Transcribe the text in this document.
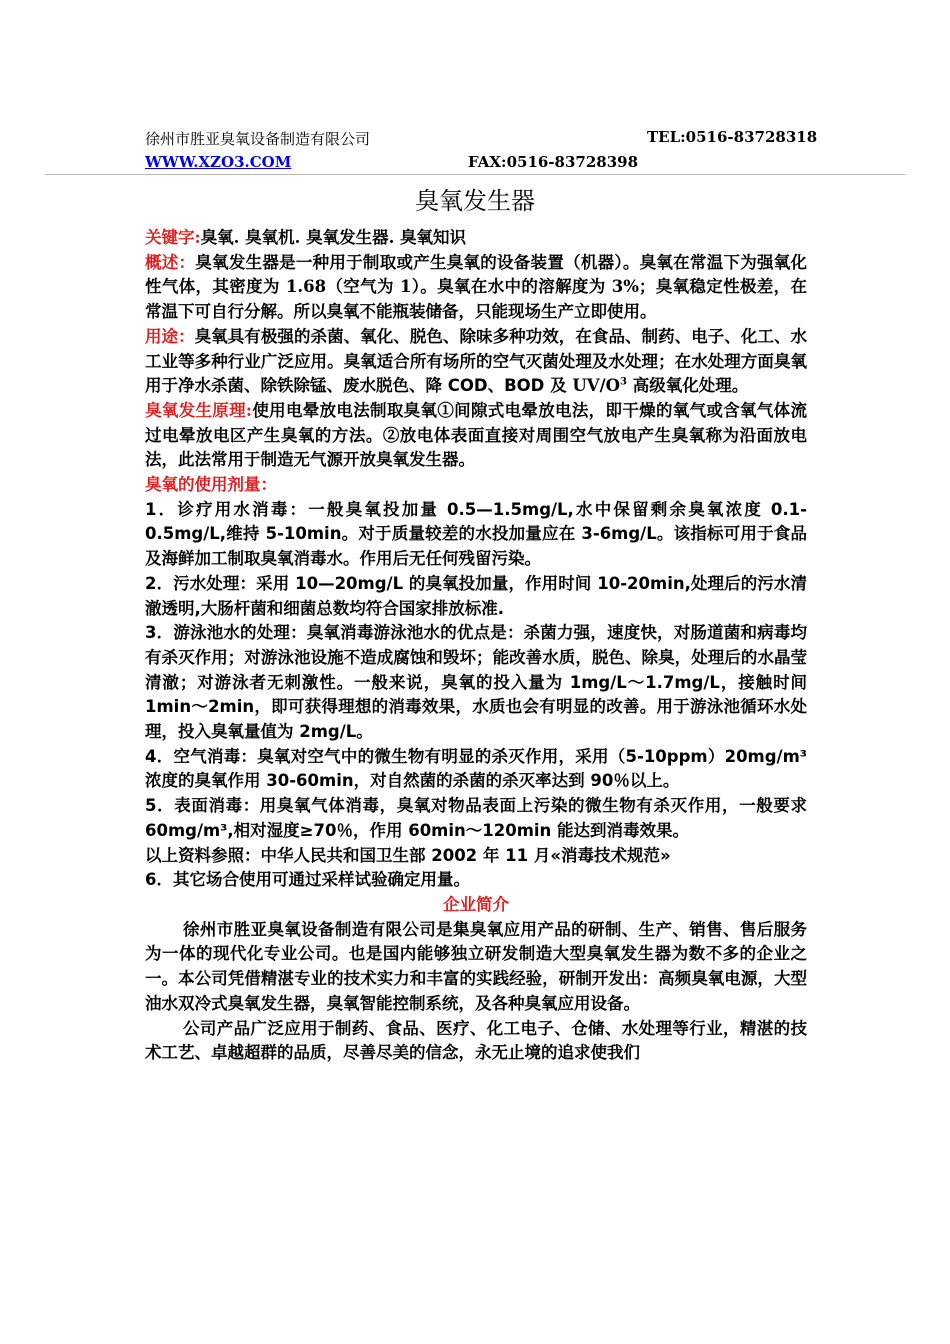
徐州市胜亚臭氧设备制造有限公司	TEL:0516-83728318
WWW.XZO3.COM	FAX:0516-83728398
臭氧发生器

关键字:臭氧. 臭氧机. 臭氧发生器. 臭氧知识

概述：臭氧发生器是一种用于制取或产生臭氧的设备装置（机器）。臭氧在常温下为强氧化性气体，其密度为 1.68（空气为 1）。臭氧在水中的溶解度为 3%；臭氧稳定性极差，在常温下可自行分解。所以臭氧不能瓶装储备，只能现场生产立即使用。

用途：臭氧具有极强的杀菌、氧化、脱色、除味多种功效，在食品、制药、电子、化工、水工业等多种行业广泛应用。臭氧适合所有场所的空气灭菌处理及水处理；在水处理方面臭氧用于净水杀菌、除铁除锰、废水脱色、降 COD、BOD 及 $UV/O^3$ 高级氧化处理。

臭氧发生原理:使用电晕放电法制取臭氧①间隙式电晕放电法，即干燥的氧气或含氧气体流过电晕放电区产生臭氧的方法。②放电体表面直接对周围空气放电产生臭氧称为沿面放电法，此法常用于制造无气源开放臭氧发生器。

臭氧的使用剂量：

1．诊疗用水消毒：一般臭氧投加量 0.5—1.5mg/L,水中保留剩余臭氧浓度 0.1-0.5mg/L,维持 5-10min。对于质量较差的水投加量应在 3-6mg/L。该指标可用于食品及海鲜加工制取臭氧消毒水。作用后无任何残留污染。

2．污水处理：采用 10—20mg/L 的臭氧投加量，作用时间 10-20min,处理后的污水清澈透明,大肠杆菌和细菌总数均符合国家排放标准.

3．游泳池水的处理：臭氧消毒游泳池水的优点是：杀菌力强，速度快，对肠道菌和病毒均有杀灭作用；对游泳池设施不造成腐蚀和毁坏；能改善水质，脱色、除臭，处理后的水晶莹清澈；对游泳者无刺激性。一般来说，臭氧的投入量为 1mg/L～1.7mg/L，接触时间 1min～2min，即可获得理想的消毒效果，水质也会有明显的改善。用于游泳池循环水处理，投入臭氧量值为 2mg/L。

4．空气消毒：臭氧对空气中的微生物有明显的杀灭作用，采用（5-10ppm）20mg/m³浓度的臭氧作用 30-60min，对自然菌的杀菌的杀灭率达到 90％以上。

5．表面消毒：用臭氧气体消毒，臭氧对物品表面上污染的微生物有杀灭作用，一般要求 60mg/m³,相对湿度≥70％，作用 60min～120min 能达到消毒效果。

以上资料参照：中华人民共和国卫生部 2002 年 11 月«消毒技术规范»

6．其它场合使用可通过采样试验确定用量。

企业简介

徐州市胜亚臭氧设备制造有限公司是集臭氧应用产品的研制、生产、销售、售后服务为一体的现代化专业公司。也是国内能够独立研发制造大型臭氧发生器为数不多的企业之一。本公司凭借精湛专业的技术实力和丰富的实践经验，研制开发出：高频臭氧电源，大型油水双冷式臭氧发生器，臭氧智能控制系统，及各种臭氧应用设备。

公司产品广泛应用于制药、食品、医疗、化工电子、仓储、水处理等行业，精湛的技术工艺、卓越超群的品质，尽善尽美的信念，永无止境的追求使我们
